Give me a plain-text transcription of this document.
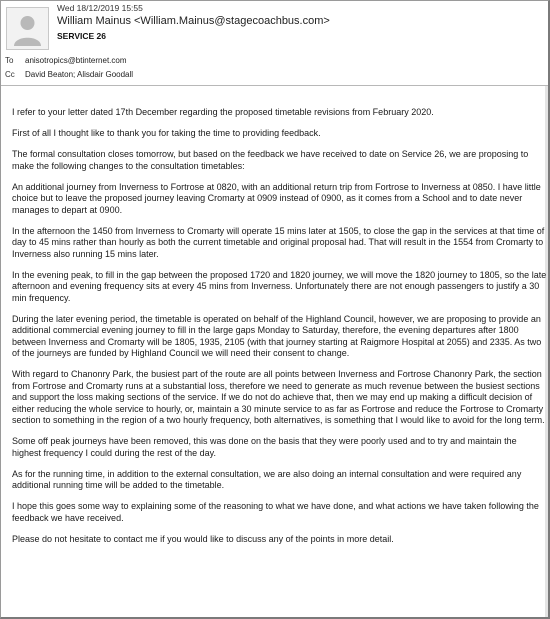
Wed 18/12/2019 15:55
William Mainus <William.Mainus@stagecoachbus.com>
SERVICE 26
To anisotropics@btinternet.com
Cc David Beaton; Alisdair Goodall

I refer to your letter dated 17th December regarding the proposed timetable revisions from February 2020.

First of all I thought like to thank you for taking the time to providing feedback.

The formal consultation closes tomorrow, but based on the feedback we have received to date on Service 26, we are proposing to make the following changes to the consultation timetables:

An additional journey from Inverness to Fortrose at 0820, with an additional return trip from Fortrose to Inverness at 0850. I have little choice but to leave the proposed journey leaving Cromarty at 0909 instead of 0900, as it comes from a School and to date never manages to depart at 0900.

In the afternoon the 1450 from Inverness to Cromarty will operate 15 mins later at 1505, to close the gap in the services at that time of day to 45 mins rather than hourly as both the current timetable and original proposal had. That will result in the 1554 from Cromarty to Inverness also running 15 mins later.

In the evening peak, to fill in the gap between the proposed 1720 and 1820 journey, we will move the 1820 journey to 1805, so the late afternoon and evening frequency sits at every 45 mins from Inverness. Unfortunately there are not enough passengers to justify a 30 min frequency.

During the later evening period, the timetable is operated on behalf of the Highland Council, however, we are proposing to provide an additional commercial evening journey to fill in the large gaps Monday to Saturday, therefore, the evening departures after 1800 between Inverness and Cromarty will be 1805, 1935, 2105 (with that journey starting at Raigmore Hospital at 2055) and 2335. As two of the journeys are funded by Highland Council we will need their consent to change.

With regard to Chanonry Park, the busiest part of the route are all points between Inverness and Fortrose Chanonry Park, the section from Fortrose and Cromarty runs at a substantial loss, therefore we need to generate as much revenue between the busiest sections and support the loss making sections of the service. If we do not do achieve that, then we may end up making a difficult decision of either reducing the whole service to hourly, or, maintain a 30 minute service to as far as Fortrose and reduce the Fortrose to Cromarty section to something in the region of a two hourly frequency, both alternatives, is something that I would like to avoid for the long term.

Some off peak journeys have been removed, this was done on the basis that they were poorly used and to try and maintain the highest frequency I could during the rest of the day.

As for the running time, in addition to the external consultation, we are also doing an internal consultation and were required any additional running time will be added to the timetable.

I hope this goes some way to explaining some of the reasoning to what we have done, and what actions we have taken following the feedback we have received.

Please do not hesitate to contact me if you would like to discuss any of the points in more detail.
